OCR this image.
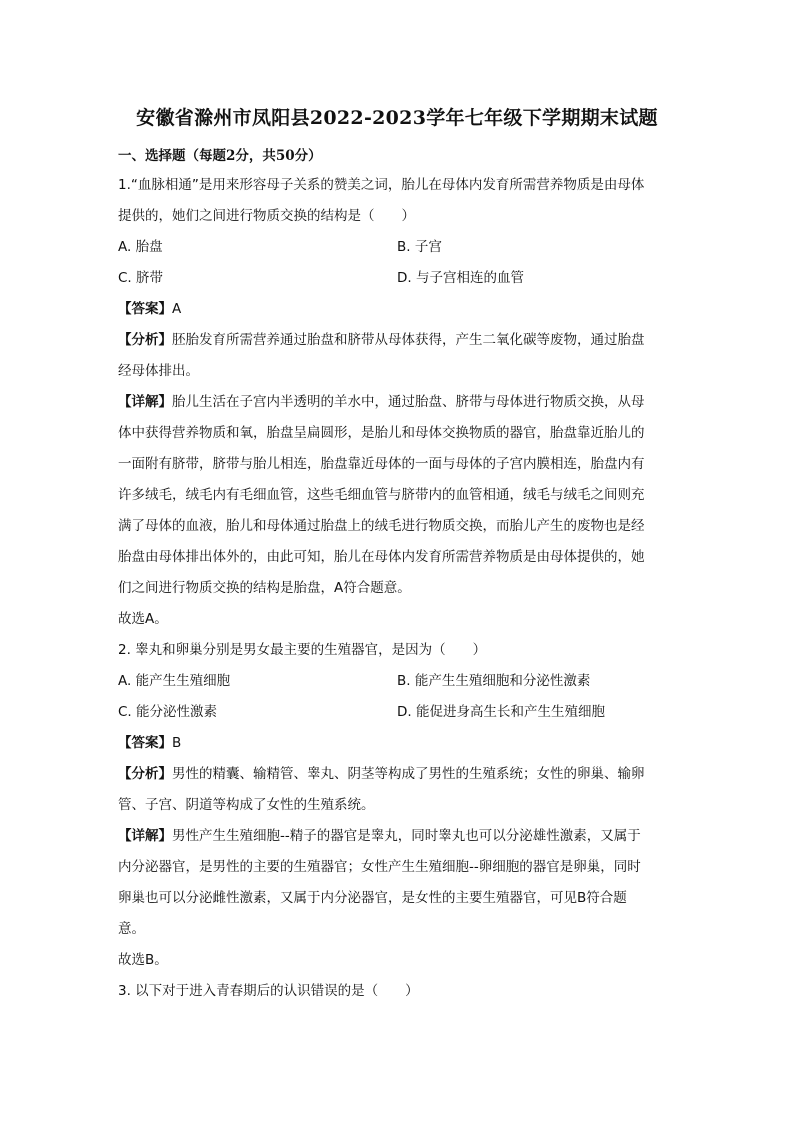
安徽省滁州市凤阳县2022-2023学年七年级下学期期末试题
一、选择题（每题2分，共50分）
1.“血脉相通”是用来形容母子关系的赞美之词，胎儿在母体内发育所需营养物质是由母体
提供的，她们之间进行物质交换的结构是（　　）
A. 胎盘	B. 子宫
C. 脐带	D. 与子宫相连的血管
【答案】A
【分析】胚胎发育所需营养通过胎盘和脐带从母体获得，产生二氧化碳等废物，通过胎盘
经母体排出。
【详解】胎儿生活在子宫内半透明的羊水中，通过胎盘、脐带与母体进行物质交换，从母
体中获得营养物质和氧，胎盘呈扁圆形，是胎儿和母体交换物质的器官，胎盘靠近胎儿的
一面附有脐带，脐带与胎儿相连，胎盘靠近母体的一面与母体的子宫内膜相连，胎盘内有
许多绒毛，绒毛内有毛细血管，这些毛细血管与脐带内的血管相通，绒毛与绒毛之间则充
满了母体的血液，胎儿和母体通过胎盘上的绒毛进行物质交换，而胎儿产生的废物也是经
胎盘由母体排出体外的，由此可知，胎儿在母体内发育所需营养物质是由母体提供的，她
们之间进行物质交换的结构是胎盘，A符合题意。
故选A。
2. 睾丸和卵巢分别是男女最主要的生殖器官，是因为（　　）
A. 能产生生殖细胞	B. 能产生生殖细胞和分泌性激素
C. 能分泌性激素	D. 能促进身高生长和产生生殖细胞
【答案】B
【分析】男性的精囊、输精管、睾丸、阴茎等构成了男性的生殖系统；女性的卵巢、输卵
管、子宫、阴道等构成了女性的生殖系统。
【详解】男性产生生殖细胞--精子的器官是睾丸，同时睾丸也可以分泌雄性激素，又属于
内分泌器官，是男性的主要的生殖器官；女性产生生殖细胞--卵细胞的器官是卵巢，同时
卵巢也可以分泌雌性激素，又属于内分泌器官，是女性的主要生殖器官，可见B符合题
意。
故选B。
3. 以下对于进入青春期后的认识错误的是（　　）
